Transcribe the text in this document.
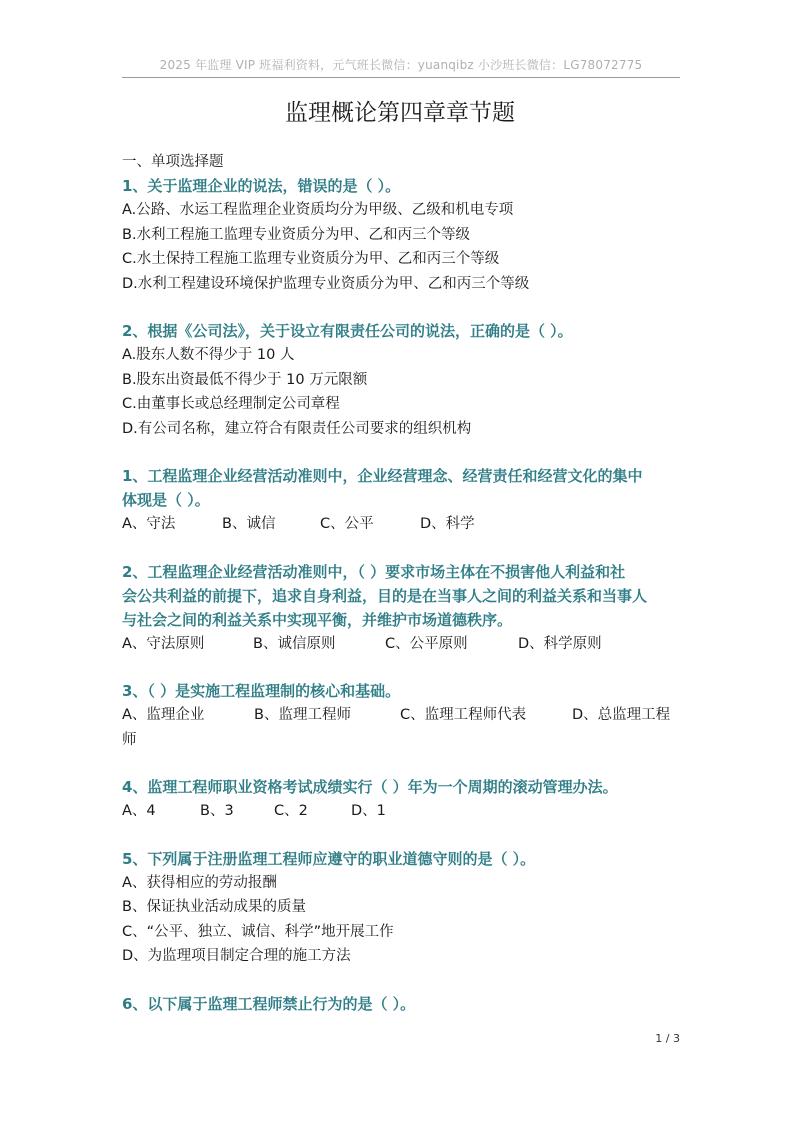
2025 年监理 VIP 班福利资料，元气班长微信：yuanqibz 小沙班长微信：LG78072775
监理概论第四章章节题

一、单项选择题

1、关于监理企业的说法，错误的是（ ）。

A.公路、水运工程监理企业资质均分为甲级、乙级和机电专项

B.水利工程施工监理专业资质分为甲、乙和丙三个等级

C.水土保持工程施工监理专业资质分为甲、乙和丙三个等级

D.水利工程建设环境保护监理专业资质分为甲、乙和丙三个等级

2、根据《公司法》，关于设立有限责任公司的说法，正确的是（ ）。

A.股东人数不得少于 10 人

B.股东出资最低不得少于 10 万元限额

C.由董事长或总经理制定公司章程

D.有公司名称，建立符合有限责任公司要求的组织机构

1、工程监理企业经营活动准则中，企业经营理念、经营责任和经营文化的集中

体现是（ ）。

A、守法	B、诚信	C、公平	D、科学

2、工程监理企业经营活动准则中，（ ）要求市场主体在不损害他人利益和社

会公共利益的前提下，追求自身利益，目的是在当事人之间的利益关系和当事人

与社会之间的利益关系中实现平衡，并维护市场道德秩序。

A、守法原则	B、诚信原则	C、公平原则	D、科学原则

3、（ ）是实施工程监理制的核心和基础。

A、监理企业	B、监理工程师	C、监理工程师代表	D、总监理工程

师

4、监理工程师职业资格考试成绩实行（ ）年为一个周期的滚动管理办法。

A、4	B、3	C、2	D、1

5、下列属于注册监理工程师应遵守的职业道德守则的是（ ）。

A、获得相应的劳动报酬

B、保证执业活动成果的质量

C、“公平、独立、诚信、科学”地开展工作

D、为监理项目制定合理的施工方法

6、以下属于监理工程师禁止行为的是（ ）。

1 / 3
